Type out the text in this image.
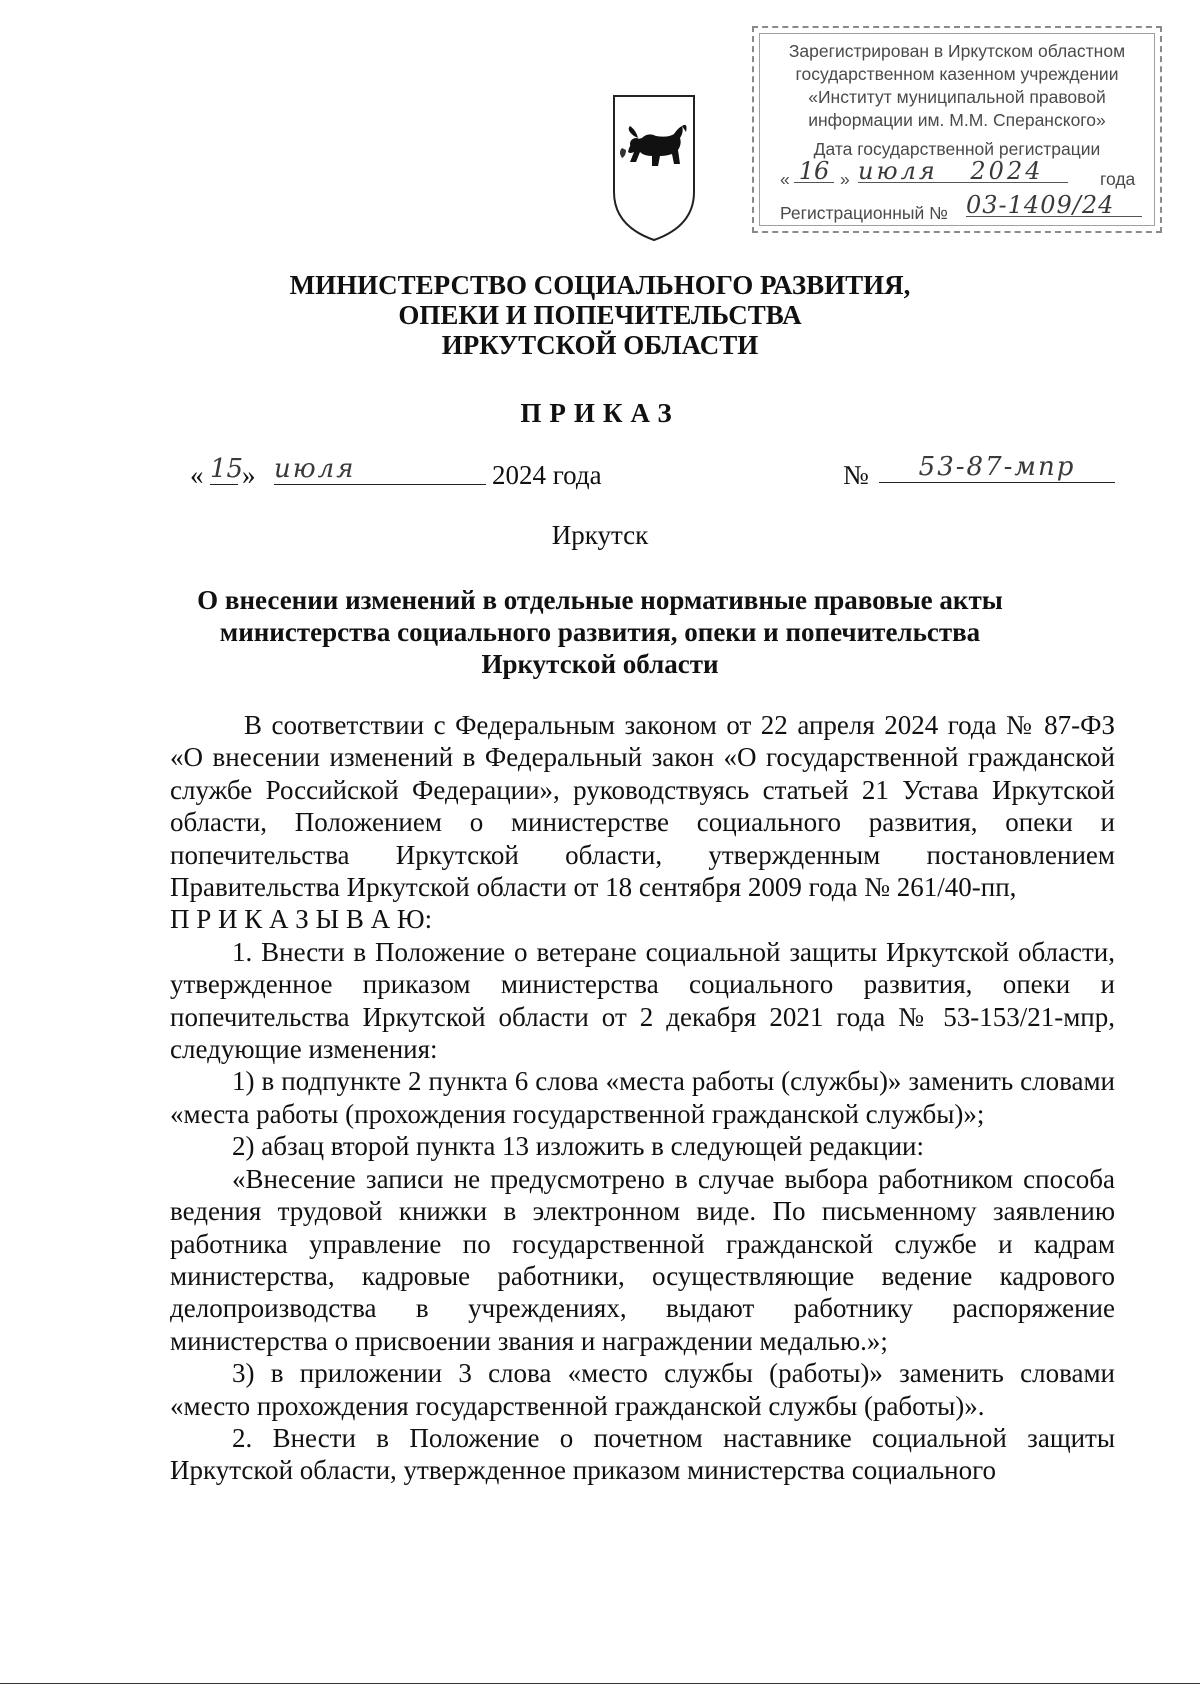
Зарегистрирован в Иркутском областном
государственном казенном учреждении
«Институт муниципальной правовой
информации им. М.М. Сперанского»
Дата государственной регистрации
« 16 » июля 2024	года
Регистрационный № 03-1409/24
МИНИСТЕРСТВО СОЦИАЛЬНОГО РАЗВИТИЯ,
ОПЕКИ И ПОПЕЧИТЕЛЬСТВА
ИРКУТСКОЙ ОБЛАСТИ
ПРИКАЗ
« 15
» июля	2024 года	№	53-87-мпр
Иркутск
О внесении изменений в отдельные нормативные правовые акты
министерства социального развития, опеки и попечительства
Иркутской области

В соответствии с Федеральным законом от 22 апреля 2024 года № 87-ФЗ «О внесении изменений в Федеральный закон «О государственной гражданской службе Российской Федерации», руководствуясь статьей 21 Устава Иркутской области, Положением о министерстве социального развития, опеки и попечительства Иркутской области, утвержденным постановлением Правительства Иркутской области от 18 сентября 2009 года № 261/40-пп,

П Р И К А З Ы В А Ю:

1. Внести в Положение о ветеране социальной защиты Иркутской области, утвержденное приказом министерства социального развития, опеки и попечительства Иркутской области от 2 декабря 2021 года № 53-153/21-мпр, следующие изменения:

1) в подпункте 2 пункта 6 слова «места работы (службы)» заменить словами «места работы (прохождения государственной гражданской службы)»;

2) абзац второй пункта 13 изложить в следующей редакции:

«Внесение записи не предусмотрено в случае выбора работником способа ведения трудовой книжки в электронном виде. По письменному заявлению работника управление по государственной гражданской службе и кадрам министерства, кадровые работники, осуществляющие ведение кадрового делопроизводства в учреждениях, выдают работнику распоряжение министерства о присвоении звания и награждении медалью.»;

3) в приложении 3 слова «место службы (работы)» заменить словами «место прохождения государственной гражданской службы (работы)».

2. Внести в Положение о почетном наставнике социальной защиты Иркутской области, утвержденное приказом министерства социального
